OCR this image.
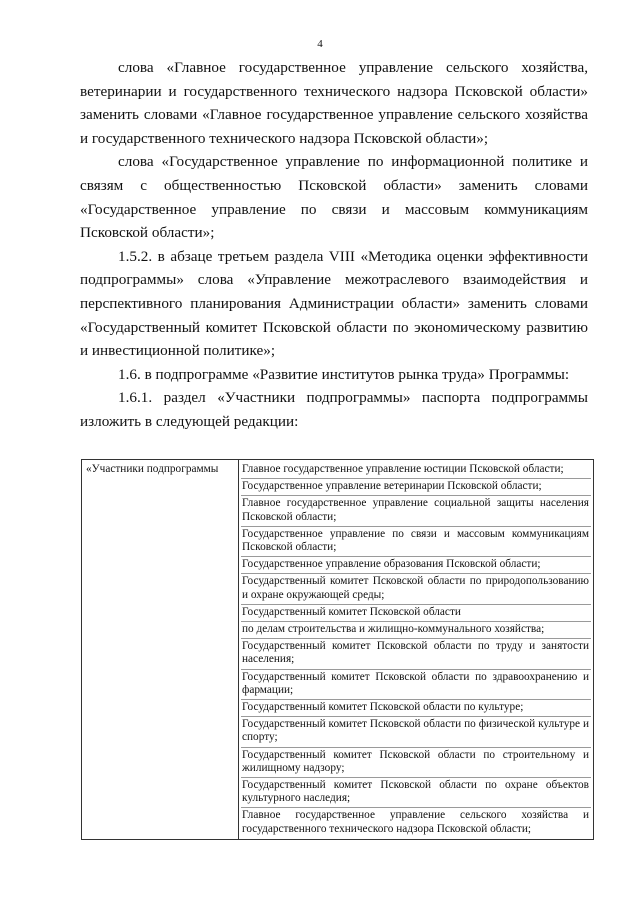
4

слова «Главное государственное управление сельского хозяйства, ветеринарии и государственного технического надзора Псковской области» заменить словами «Главное государственное управление сельского хозяйства и государственного технического надзора Псковской области»;

слова «Государственное управление по информационной политике и связям с общественностью Псковской области» заменить словами «Государственное управление по связи и массовым коммуникациям Псковской области»;

1.5.2. в абзаце третьем раздела VIII «Методика оценки эффективности подпрограммы» слова «Управление межотраслевого взаимодействия и перспективного планирования Администрации области» заменить словами «Государственный комитет Псковской области по экономическому развитию и инвестиционной политике»;

1.6. в подпрограмме «Развитие институтов рынка труда» Программы:

1.6.1. раздел «Участники подпрограммы» паспорта подпрограммы изложить в следующей редакции:

«Участники подпрограммы	Главное государственное управление юстиции Псковской области;
Государственное управление ветеринарии Псковской области;
Главное государственное управление социальной защиты населения Псковской области;
Государственное управление по связи и массовым коммуникациям Псковской области;
Государственное управление образования Псковской области;
Государственный комитет Псковской области по природопользованию и охране окружающей среды;
Государственный комитет Псковской области
по делам строительства и жилищно-коммунального хозяйства;
Государственный комитет Псковской области по труду и занятости населения;
Государственный комитет Псковской области по здравоохранению и фармации;
Государственный комитет Псковской области по культуре;
Государственный комитет Псковской области по физической культуре и спорту;
Государственный комитет Псковской области по строительному и жилищному надзору;
Государственный комитет Псковской области по охране объектов культурного наследия;
Главное государственное управление сельского хозяйства и государственного технического надзора Псковской области;
